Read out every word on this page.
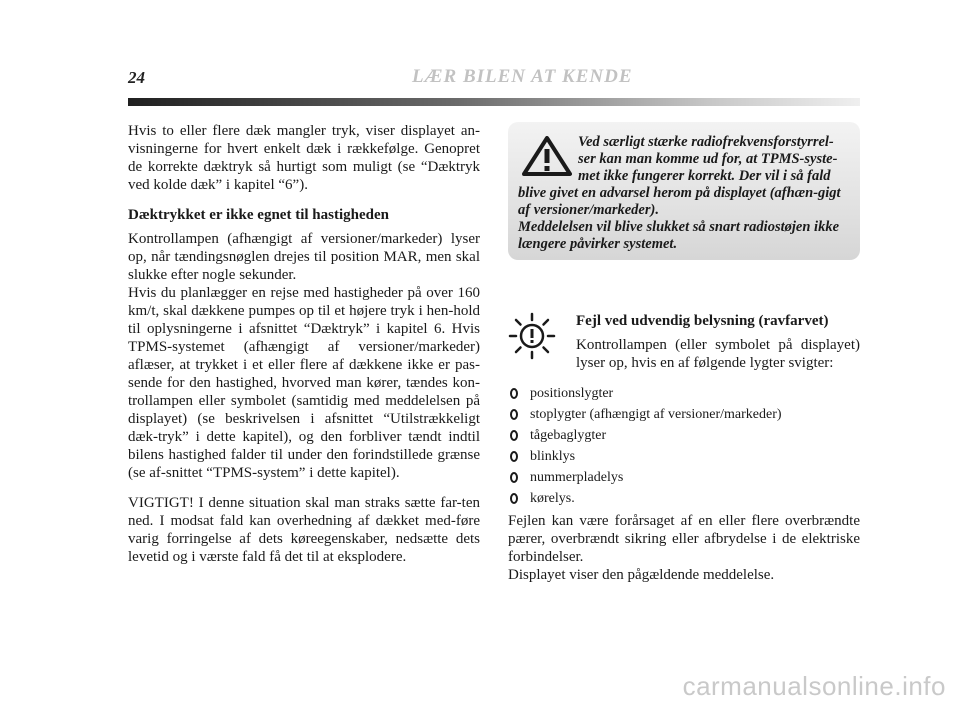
24	LÆR BILEN AT KENDE

Hvis to eller flere dæk mangler tryk, viser displayet an-visningerne for hvert enkelt dæk i rækkefølge. Genopret de korrekte dæktryk så hurtigt som muligt (se “Dæktryk ved kolde dæk” i kapitel “6”).

Dæktrykket er ikke egnet til hastigheden

Kontrollampen (afhængigt af versioner/markeder) lyser op, når tændingsnøglen drejes til position MAR, men skal slukke efter nogle sekunder.

Hvis du planlægger en rejse med hastigheder på over 160 km/t, skal dækkene pumpes op til et højere tryk i hen-hold til oplysningerne i afsnittet “Dæktryk” i kapitel 6. Hvis TPMS-systemet (afhængigt af versioner/markeder) aflæser, at trykket i et eller flere af dækkene ikke er pas-sende for den hastighed, hvorved man kører, tændes kon-trollampen eller symbolet (samtidig med meddelelsen på displayet) (se beskrivelsen i afsnittet “Utilstrækkeligt dæk-tryk” i dette kapitel), og den forbliver tændt indtil bilens hastighed falder til under den forindstillede grænse (se af-snittet “TPMS-system” i dette kapitel).

VIGTIGT! I denne situation skal man straks sætte far-ten ned. I modsat fald kan overhedning af dækket med-føre varig forringelse af dets køreegenskaber, nedsætte dets levetid og i værste fald få det til at eksplodere.

Ved særligt stærke radiofrekvensforstyrrel-ser kan man komme ud for, at TPMS-syste-met ikke fungerer korrekt. Der vil i så fald blive givet en advarsel herom på displayet (afhæn-gigt af versioner/markeder).
Meddelelsen vil blive slukket så snart radiostøjen ikke længere påvirker systemet.
Fejl ved udvendig belysning (ravfarvet)

Kontrollampen (eller symbolet på displayet) lyser op, hvis en af følgende lygter svigter:

positionslygter
stoplygter (afhængigt af versioner/markeder)
tågebaglygter
blinklys
nummerpladelys
kørelys.

Fejlen kan være forårsaget af en eller flere overbrændte pærer, overbrændt sikring eller afbrydelse i de elektriske forbindelser.

Displayet viser den pågældende meddelelse.

carmanualsonline.info
